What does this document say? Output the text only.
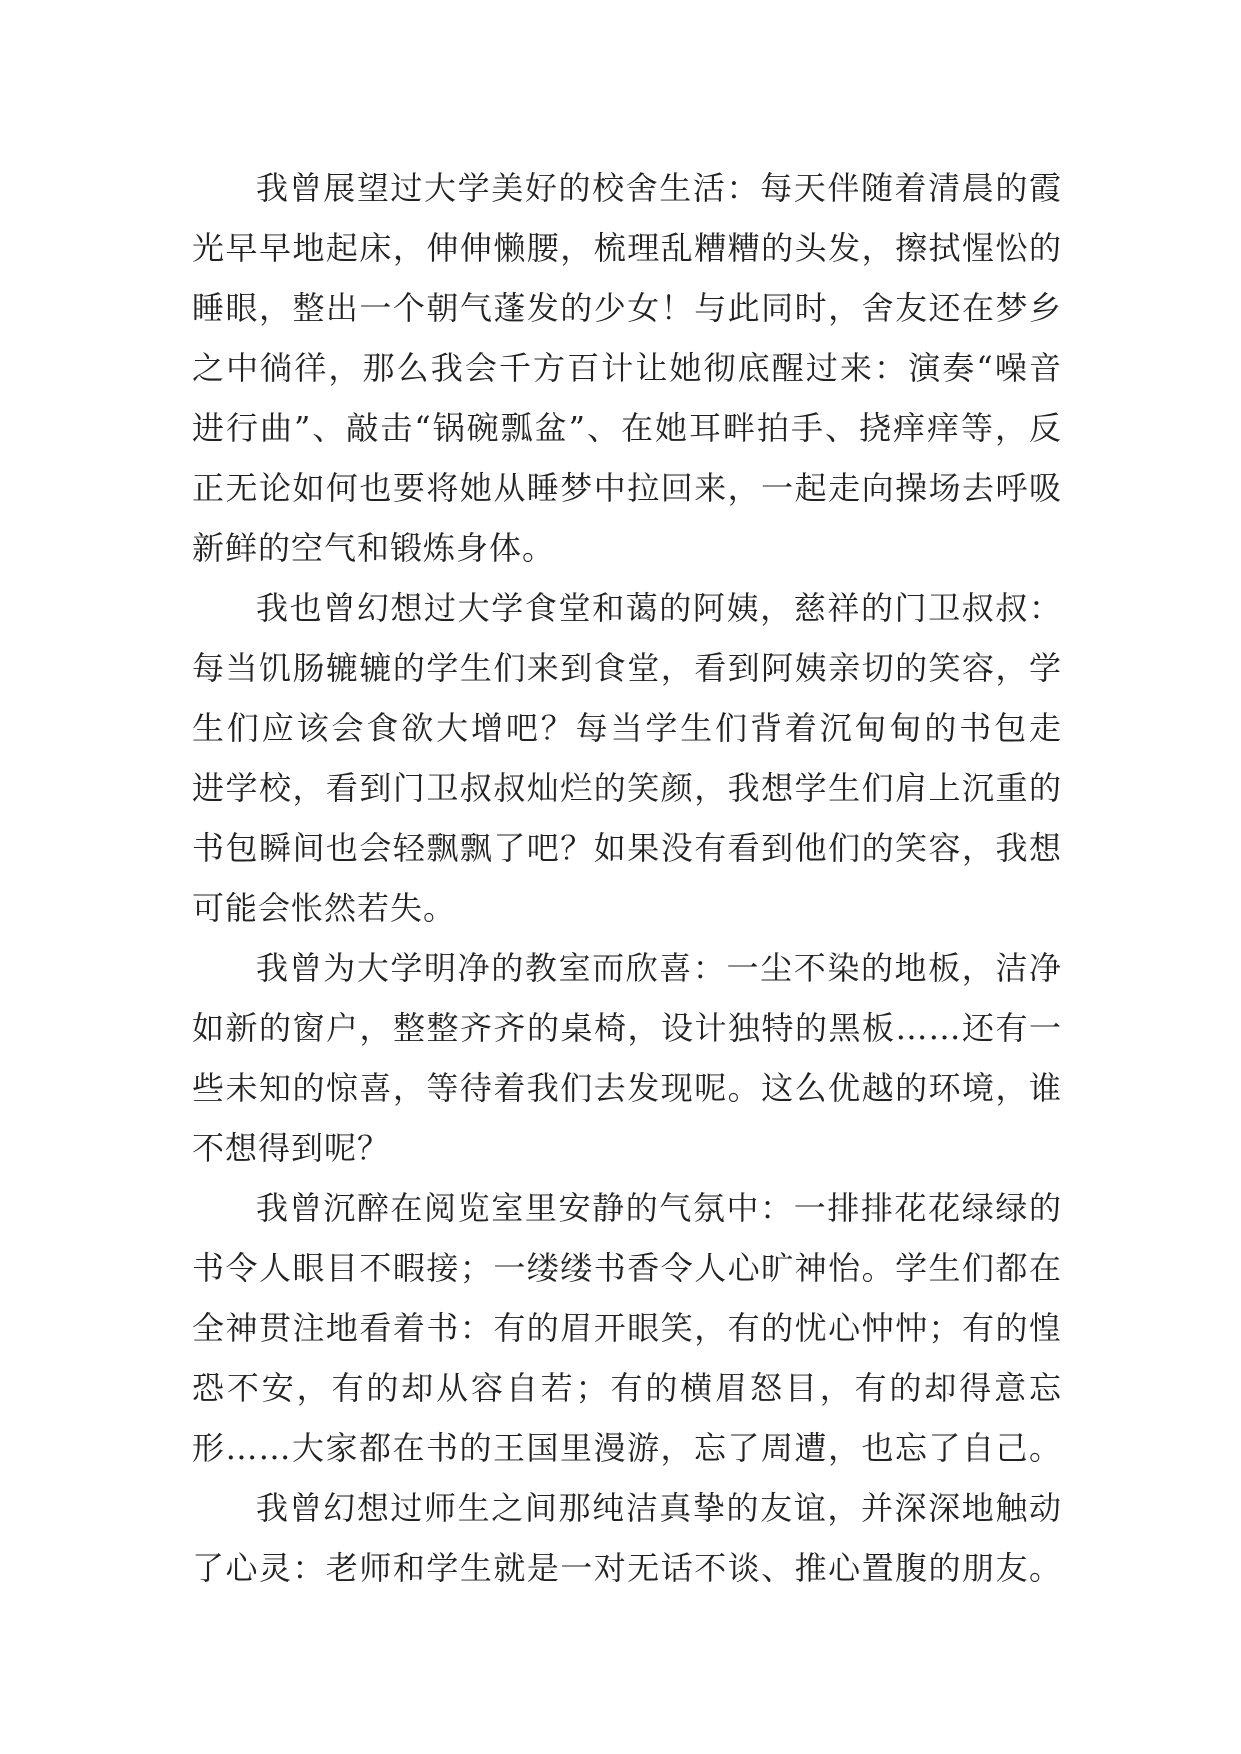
我曾展望过大学美好的校舍生活：每天伴随着清晨的霞
光早早地起床，伸伸懒腰，梳理乱糟糟的头发，擦拭惺忪的
睡眼，整出一个朝气蓬发的少女！与此同时，舍友还在梦乡
之中徜徉，那么我会千方百计让她彻底醒过来：演奏“噪音
进行曲”、敲击“锅碗瓢盆”、在她耳畔拍手、挠痒痒等，反
正无论如何也要将她从睡梦中拉回来，一起走向操场去呼吸
新鲜的空气和锻炼身体。

我也曾幻想过大学食堂和蔼的阿姨，慈祥的门卫叔叔：
每当饥肠辘辘的学生们来到食堂，看到阿姨亲切的笑容，学
生们应该会食欲大增吧？每当学生们背着沉甸甸的书包走
进学校，看到门卫叔叔灿烂的笑颜，我想学生们肩上沉重的
书包瞬间也会轻飘飘了吧？如果没有看到他们的笑容，我想
可能会怅然若失。

我曾为大学明净的教室而欣喜：一尘不染的地板，洁净
如新的窗户，整整齐齐的桌椅，设计独特的黑板……还有一
些未知的惊喜，等待着我们去发现呢。这么优越的环境，谁
不想得到呢？

我曾沉醉在阅览室里安静的气氛中：一排排花花绿绿的
书令人眼目不暇接；一缕缕书香令人心旷神怡。学生们都在
全神贯注地看着书：有的眉开眼笑，有的忧心忡忡；有的惶
恐不安，有的却从容自若；有的横眉怒目，有的却得意忘
形……大家都在书的王国里漫游，忘了周遭，也忘了自己。

我曾幻想过师生之间那纯洁真挚的友谊，并深深地触动
了心灵：老师和学生就是一对无话不谈、推心置腹的朋友。
